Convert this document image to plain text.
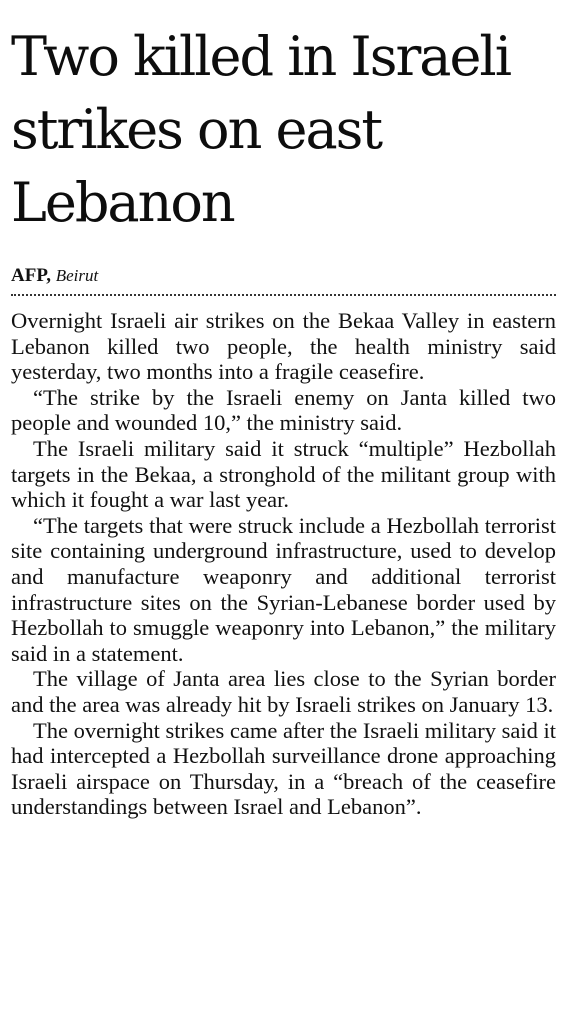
Two killed in Israeli strikes on east Lebanon
AFP, Beirut

Overnight Israeli air strikes on the Bekaa Valley in eastern Lebanon killed two people, the health ministry said yesterday, two months into a fragile ceasefire.

“The strike by the Israeli enemy on Janta killed two people and wounded 10,” the ministry said.

The Israeli military said it struck “multiple” Hezbollah targets in the Bekaa, a stronghold of the militant group with which it fought a war last year.

“The targets that were struck include a Hezbollah terrorist site containing underground infrastructure, used to develop and manufacture weaponry and additional terrorist infrastructure sites on the Syrian-Lebanese border used by Hezbollah to smuggle weaponry into Lebanon,” the military said in a statement.

The village of Janta area lies close to the Syrian border and the area was already hit by Israeli strikes on January 13.

The overnight strikes came after the Israeli military said it had intercepted a Hezbollah surveillance drone approaching Israeli airspace on Thursday, in a “breach of the ceasefire understandings between Israel and Lebanon”.
